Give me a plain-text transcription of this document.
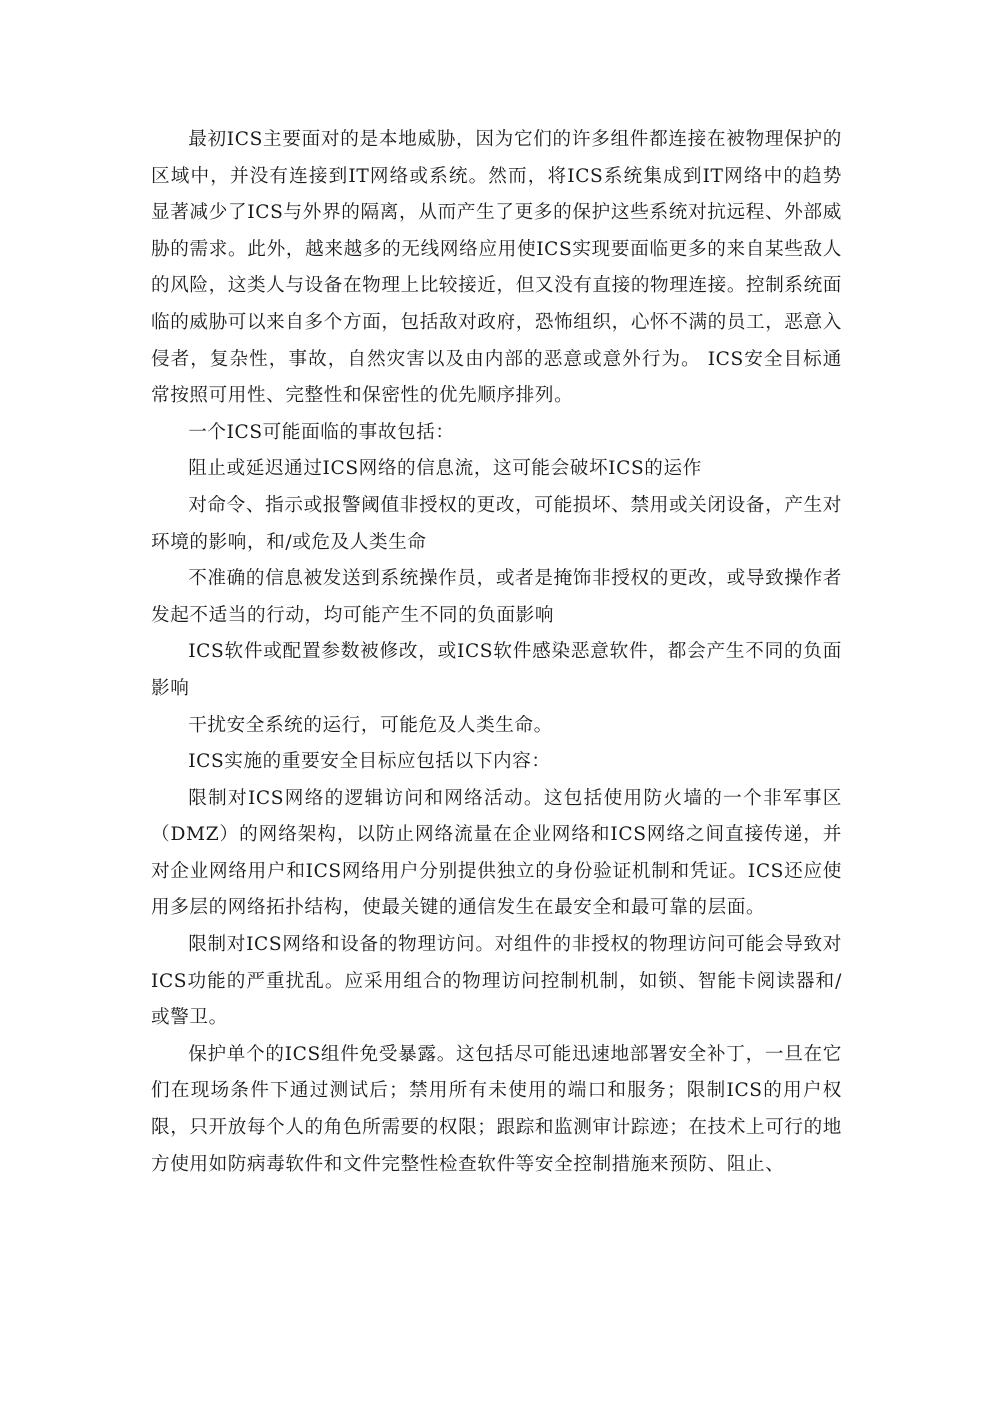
最初ICS主要面对的是本地威胁，因为它们的许多组件都连接在被物理保护的区域中，并没有连接到IT网络或系统。然而，将ICS系统集成到IT网络中的趋势显著减少了ICS与外界的隔离，从而产生了更多的保护这些系统对抗远程、外部威胁的需求。此外，越来越多的无线网络应用使ICS实现要面临更多的来自某些敌人的风险，这类人与设备在物理上比较接近，但又没有直接的物理连接。控制系统面临的威胁可以来自多个方面，包括敌对政府，恐怖组织，心怀不满的员工，恶意入侵者，复杂性，事故，自然灾害以及由内部的恶意或意外行为。 ICS安全目标通常按照可用性、完整性和保密性的优先顺序排列。

一个ICS可能面临的事故包括：

阻止或延迟通过ICS网络的信息流，这可能会破坏ICS的运作

对命令、指示或报警阈值非授权的更改，可能损坏、禁用或关闭设备，产生对环境的影响，和/或危及人类生命

不准确的信息被发送到系统操作员，或者是掩饰非授权的更改，或导致操作者发起不适当的行动，均可能产生不同的负面影响

ICS软件或配置参数被修改，或ICS软件感染恶意软件，都会产生不同的负面影响

干扰安全系统的运行，可能危及人类生命。

ICS实施的重要安全目标应包括以下内容：

限制对ICS网络的逻辑访问和网络活动。这包括使用防火墙的一个非军事区（DMZ）的网络架构，以防止网络流量在企业网络和ICS网络之间直接传递，并对企业网络用户和ICS网络用户分别提供独立的身份验证机制和凭证。ICS还应使用多层的网络拓扑结构，使最关键的通信发生在最安全和最可靠的层面。

限制对ICS网络和设备的物理访问。对组件的非授权的物理访问可能会导致对ICS功能的严重扰乱。应采用组合的物理访问控制机制，如锁、智能卡阅读器和/或警卫。

保护单个的ICS组件免受暴露。这包括尽可能迅速地部署安全补丁，一旦在它们在现场条件下通过测试后；禁用所有未使用的端口和服务；限制ICS的用户权限，只开放每个人的角色所需要的权限；跟踪和监测审计踪迹；在技术上可行的地方使用如防病毒软件和文件完整性检查软件等安全控制措施来预防、阻止、
